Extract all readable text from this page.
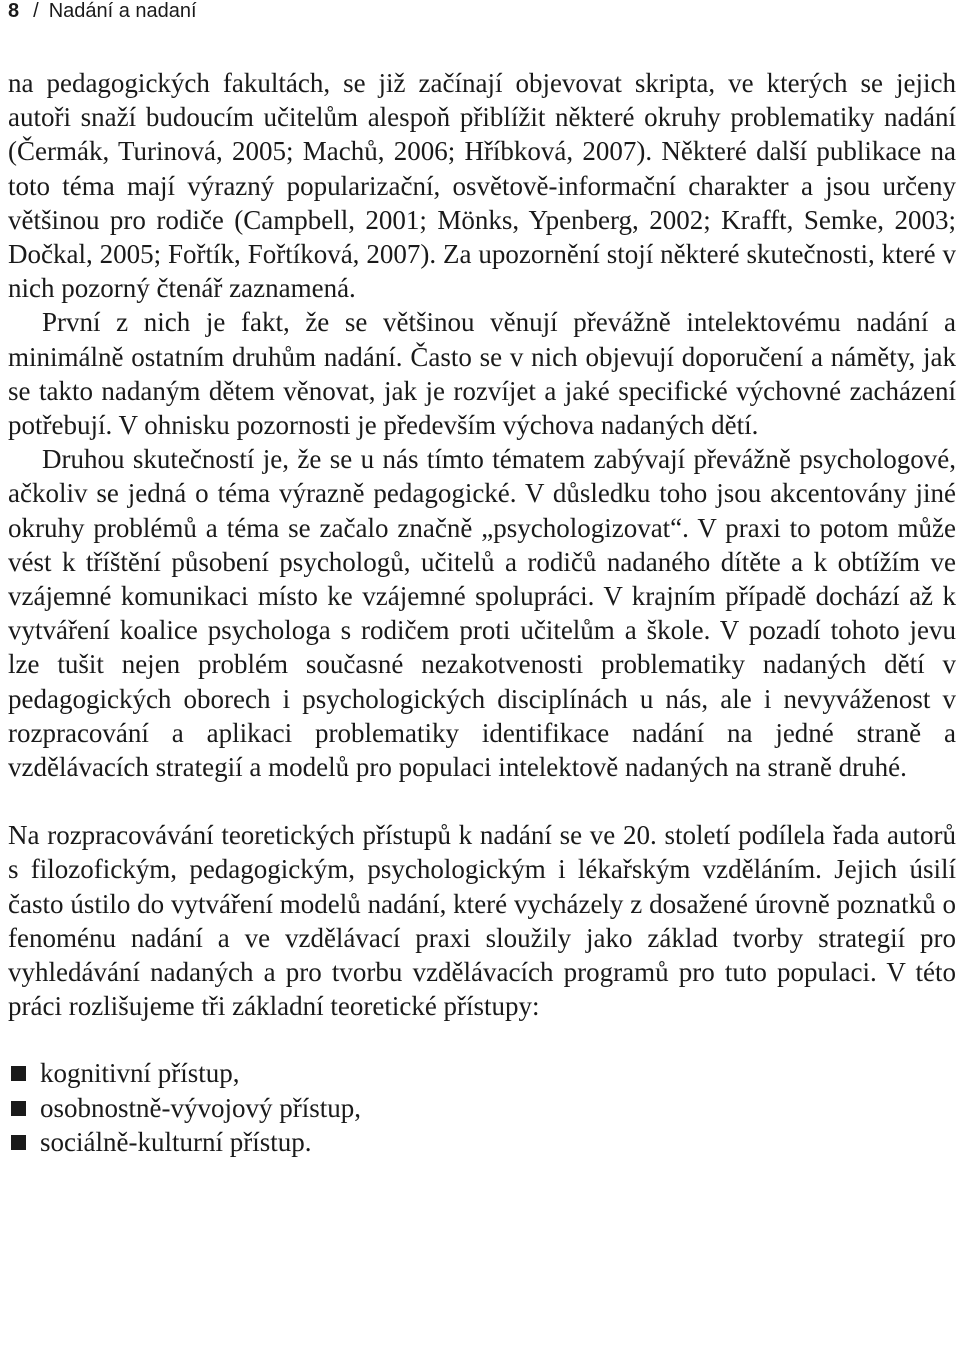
8 / Nadání a nadaní

na pedagogických fakultách, se již začínají objevovat skripta, ve kterých se jejich autoři snaží budoucím učitelům alespoň přiblížit některé okruhy problematiky nadání (Čermák, Turinová, 2005; Machů, 2006; Hříbková, 2007). Některé další publikace na toto téma mají výrazný popularizační, osvětově-informační charakter a jsou určeny většinou pro rodiče (Campbell, 2001; Mönks, Ypenberg, 2002; Krafft, Semke, 2003; Dočkal, 2005; Fořtík, Fořtíková, 2007). Za upozornění stojí některé skutečnosti, které v nich pozorný čtenář zaznamená.

První z nich je fakt, že se většinou věnují převážně intelektovému nadání a minimálně ostatním druhům nadání. Často se v nich objevují doporučení a náměty, jak se takto nadaným dětem věnovat, jak je rozvíjet a jaké specifické výchovné zacházení potřebují. V ohnisku pozornosti je především výchova nadaných dětí.

Druhou skutečností je, že se u nás tímto tématem zabývají převážně psychologové, ačkoliv se jedná o téma výrazně pedagogické. V důsledku toho jsou akcentovány jiné okruhy problémů a téma se začalo značně „psychologizovat“. V praxi to potom může vést k tříštění působení psychologů, učitelů a rodičů nadaného dítěte a k obtížím ve vzájemné komunikaci místo ke vzájemné spolupráci. V krajním případě dochází až k vytváření koalice psychologa s rodičem proti učitelům a škole. V pozadí tohoto jevu lze tušit nejen problém současné nezakotvenosti problematiky nadaných dětí v pedagogických oborech i psychologických disciplínách u nás, ale i nevyváženost v rozpracování a aplikaci problematiky identifikace nadání na jedné straně a vzdělávacích strategií a modelů pro populaci intelektově nadaných na straně druhé.

Na rozpracovávání teoretických přístupů k nadání se ve 20. století podílela řada autorů s filozofickým, pedagogickým, psychologickým i lékařským vzděláním. Jejich úsilí často ústilo do vytváření modelů nadání, které vycházely z dosažené úrovně poznatků o fenoménu nadání a ve vzdělávací praxi sloužily jako základ tvorby strategií pro vyhledávání nadaných a pro tvorbu vzdělávacích programů pro tuto populaci. V této práci rozlišujeme tři základní teoretické přístupy:

kognitivní přístup,
osobnostně-vývojový přístup,
sociálně-kulturní přístup.
